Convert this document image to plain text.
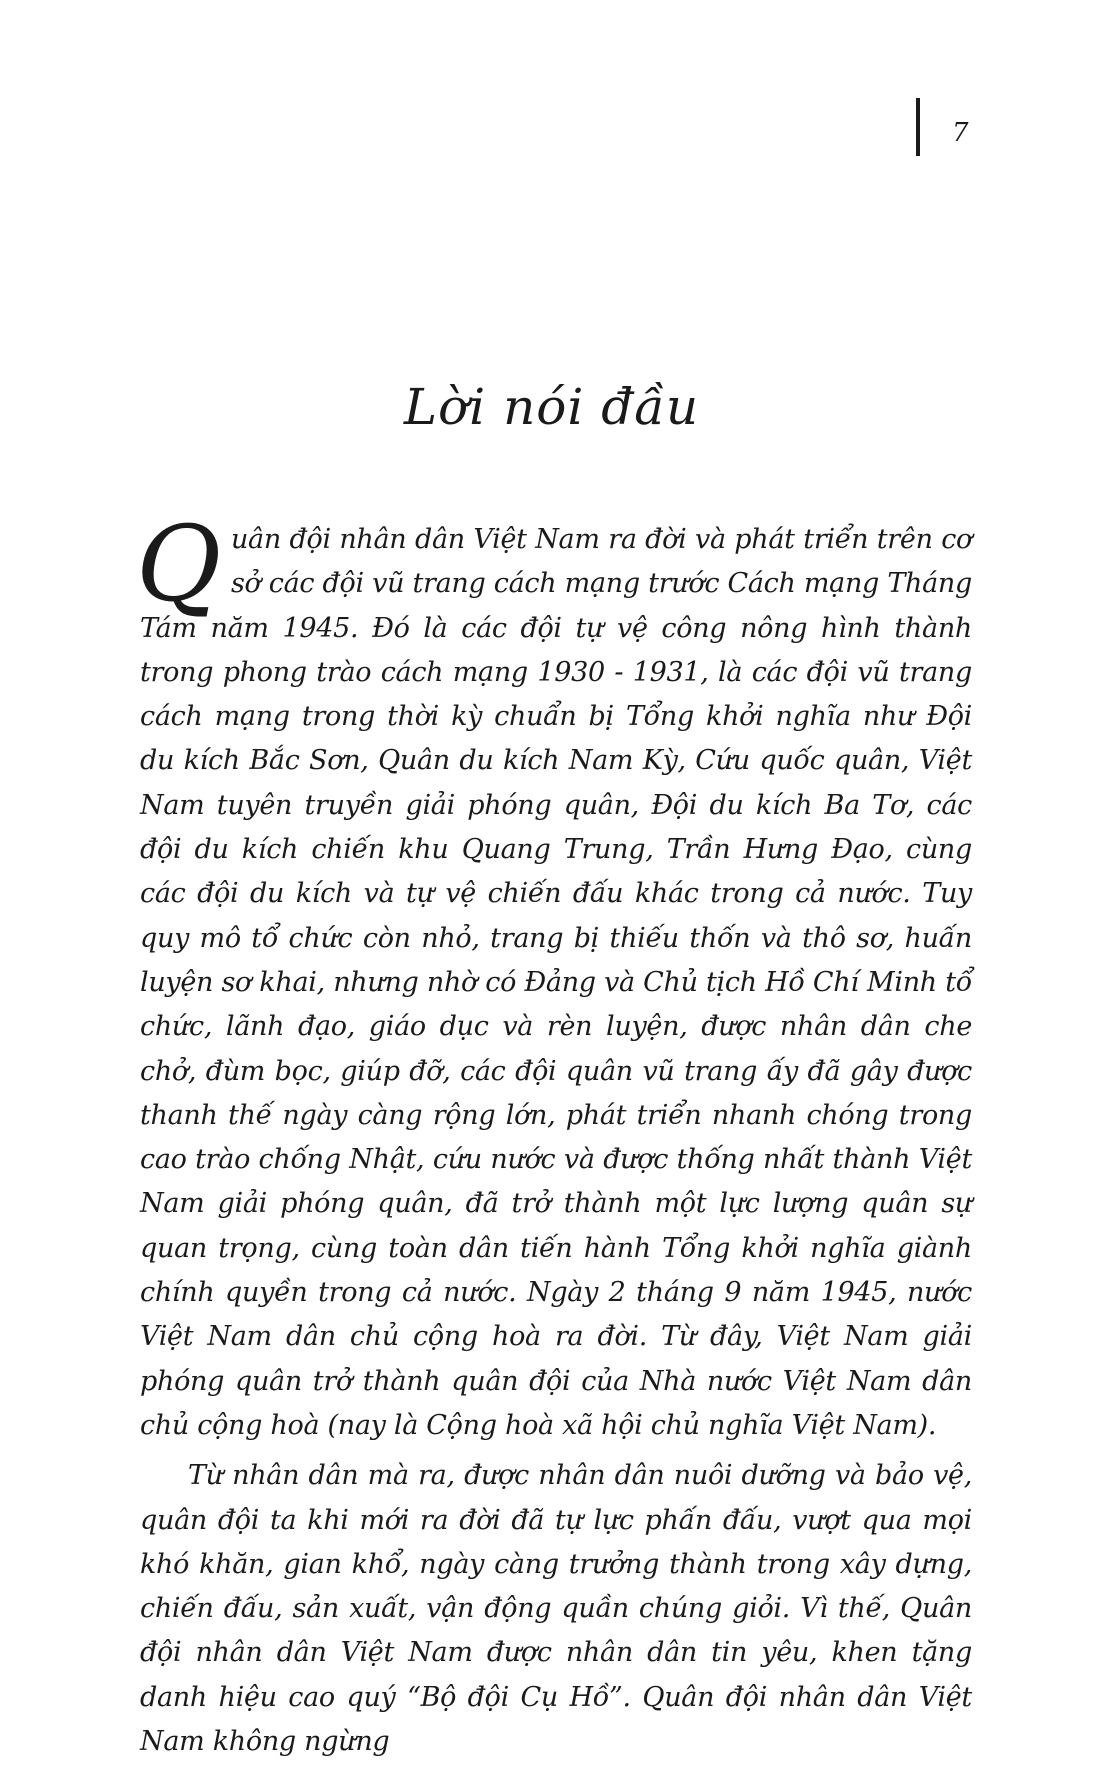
7
Lời nói đầu

Quân đội nhân dân Việt Nam ra đời và phát triển trên cơ sở các đội vũ trang cách mạng trước Cách mạng Tháng Tám năm 1945. Đó là các đội tự vệ công nông hình thành trong phong trào cách mạng 1930 - 1931, là các đội vũ trang cách mạng trong thời kỳ chuẩn bị Tổng khởi nghĩa như Đội du kích Bắc Sơn, Quân du kích Nam Kỳ, Cứu quốc quân, Việt Nam tuyên truyền giải phóng quân, Đội du kích Ba Tơ, các đội du kích chiến khu Quang Trung, Trần Hưng Đạo, cùng các đội du kích và tự vệ chiến đấu khác trong cả nước. Tuy quy mô tổ chức còn nhỏ, trang bị thiếu thốn và thô sơ, huấn luyện sơ khai, nhưng nhờ có Đảng và Chủ tịch Hồ Chí Minh tổ chức, lãnh đạo, giáo dục và rèn luyện, được nhân dân che chở, đùm bọc, giúp đỡ, các đội quân vũ trang ấy đã gây được thanh thế ngày càng rộng lớn, phát triển nhanh chóng trong cao trào chống Nhật, cứu nước và được thống nhất thành Việt Nam giải phóng quân, đã trở thành một lực lượng quân sự quan trọng, cùng toàn dân tiến hành Tổng khởi nghĩa giành chính quyền trong cả nước. Ngày 2 tháng 9 năm 1945, nước Việt Nam dân chủ cộng hoà ra đời. Từ đây, Việt Nam giải phóng quân trở thành quân đội của Nhà nước Việt Nam dân chủ cộng hoà (nay là Cộng hoà xã hội chủ nghĩa Việt Nam).

Từ nhân dân mà ra, được nhân dân nuôi dưỡng và bảo vệ, quân đội ta khi mới ra đời đã tự lực phấn đấu, vượt qua mọi khó khăn, gian khổ, ngày càng trưởng thành trong xây dựng, chiến đấu, sản xuất, vận động quần chúng giỏi. Vì thế, Quân đội nhân dân Việt Nam được nhân dân tin yêu, khen tặng danh hiệu cao quý “Bộ đội Cụ Hồ”. Quân đội nhân dân Việt Nam không ngừng
